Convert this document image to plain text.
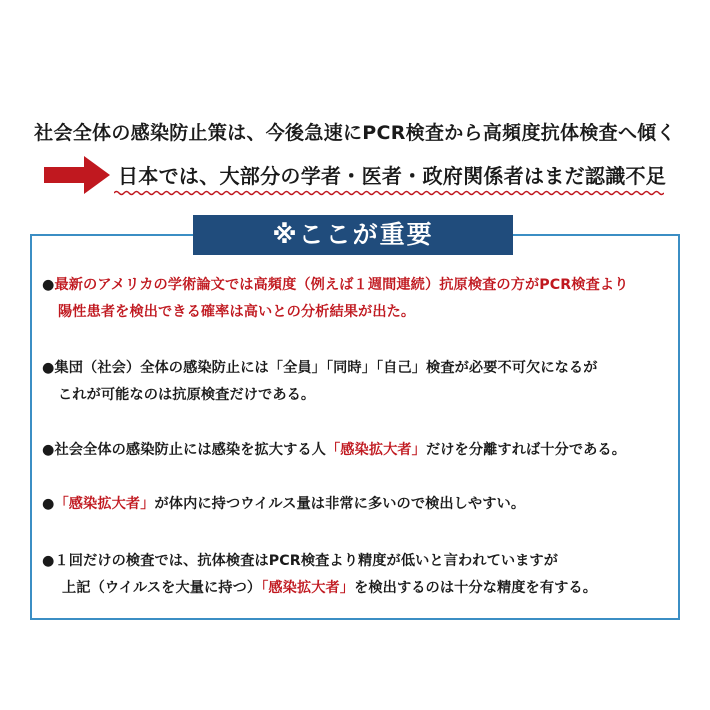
社会全体の感染防止策は、今後急速にPCR検査から高頻度抗体検査へ傾く
日本では、大部分の学者・医者・政府関係者はまだ認識不足
※ここが重要
●最新のアメリカの学術論文では高頻度（例えば１週間連続）抗原検査の方がPCR検査より
陽性患者を検出できる確率は高いとの分析結果が出た。
●集団（社会）全体の感染防止には「全員」「同時」「自己」検査が必要不可欠になるが
これが可能なのは抗原検査だけである。
●社会全体の感染防止には感染を拡大する人「感染拡大者」だけを分離すれば十分である。
●「感染拡大者」が体内に持つウイルス量は非常に多いので検出しやすい。
●１回だけの検査では、抗体検査はPCR検査より精度が低いと言われていますが
上記（ウイルスを大量に持つ）「感染拡大者」を検出するのは十分な精度を有する。
